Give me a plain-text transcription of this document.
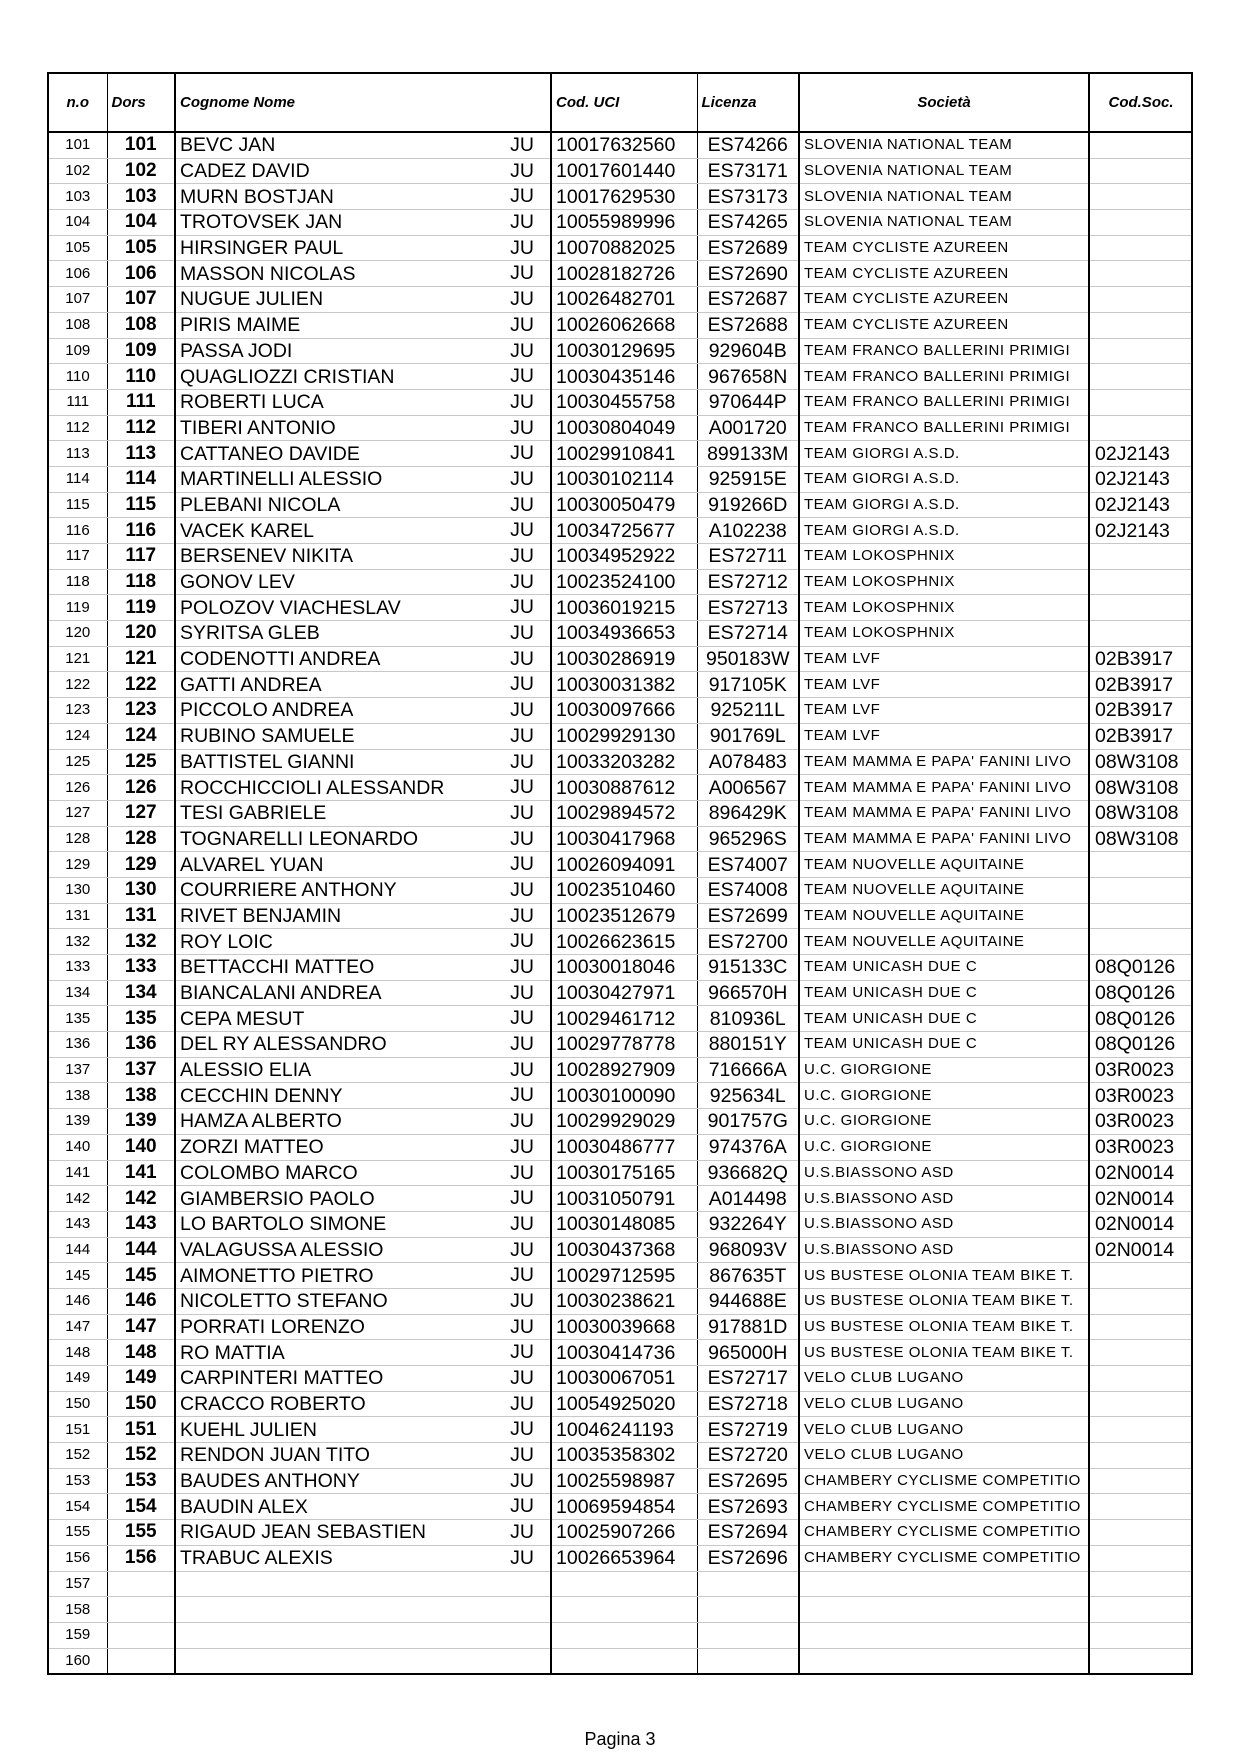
n.o	Dors	Cognome Nome	Cod. UCI	Licenza	Società	Cod.Soc.
101	101	BEVC JAN JU	10017632560	ES74266	SLOVENIA NATIONAL TEAM	
102	102	CADEZ DAVID JU	10017601440	ES73171	SLOVENIA NATIONAL TEAM	
103	103	MURN BOSTJAN JU	10017629530	ES73173	SLOVENIA NATIONAL TEAM	
104	104	TROTOVSEK JAN JU	10055989996	ES74265	SLOVENIA NATIONAL TEAM	
105	105	HIRSINGER PAUL JU	10070882025	ES72689	TEAM CYCLISTE AZUREEN	
106	106	MASSON NICOLAS JU	10028182726	ES72690	TEAM CYCLISTE AZUREEN	
107	107	NUGUE JULIEN JU	10026482701	ES72687	TEAM CYCLISTE AZUREEN	
108	108	PIRIS MAIME JU	10026062668	ES72688	TEAM CYCLISTE AZUREEN	
109	109	PASSA JODI JU	10030129695	929604B	TEAM FRANCO BALLERINI PRIMIGI	
110	110	QUAGLIOZZI CRISTIAN JU	10030435146	967658N	TEAM FRANCO BALLERINI PRIMIGI	
111	111	ROBERTI LUCA JU	10030455758	970644P	TEAM FRANCO BALLERINI PRIMIGI	
112	112	TIBERI ANTONIO JU	10030804049	A001720	TEAM FRANCO BALLERINI PRIMIGI	
113	113	CATTANEO DAVIDE JU	10029910841	899133M	TEAM GIORGI A.S.D.	02J2143
114	114	MARTINELLI ALESSIO JU	10030102114	925915E	TEAM GIORGI A.S.D.	02J2143
115	115	PLEBANI NICOLA JU	10030050479	919266D	TEAM GIORGI A.S.D.	02J2143
116	116	VACEK KAREL JU	10034725677	A102238	TEAM GIORGI A.S.D.	02J2143
117	117	BERSENEV NIKITA JU	10034952922	ES72711	TEAM LOKOSPHNIX	
118	118	GONOV LEV JU	10023524100	ES72712	TEAM LOKOSPHNIX	
119	119	POLOZOV VIACHESLAV JU	10036019215	ES72713	TEAM LOKOSPHNIX	
120	120	SYRITSA GLEB JU	10034936653	ES72714	TEAM LOKOSPHNIX	
121	121	CODENOTTI ANDREA JU	10030286919	950183W	TEAM LVF	02B3917
122	122	GATTI ANDREA JU	10030031382	917105K	TEAM LVF	02B3917
123	123	PICCOLO ANDREA JU	10030097666	925211L	TEAM LVF	02B3917
124	124	RUBINO SAMUELE JU	10029929130	901769L	TEAM LVF	02B3917
125	125	BATTISTEL GIANNI JU	10033203282	A078483	TEAM MAMMA E PAPA' FANINI LIVO	08W3108
126	126	ROCCHICCIOLI ALESSANDR JU	10030887612	A006567	TEAM MAMMA E PAPA' FANINI LIVO	08W3108
127	127	TESI GABRIELE JU	10029894572	896429K	TEAM MAMMA E PAPA' FANINI LIVO	08W3108
128	128	TOGNARELLI LEONARDO JU	10030417968	965296S	TEAM MAMMA E PAPA' FANINI LIVO	08W3108
129	129	ALVAREL YUAN JU	10026094091	ES74007	TEAM NUOVELLE AQUITAINE	
130	130	COURRIERE ANTHONY JU	10023510460	ES74008	TEAM NUOVELLE AQUITAINE	
131	131	RIVET BENJAMIN JU	10023512679	ES72699	TEAM NOUVELLE AQUITAINE	
132	132	ROY LOIC JU	10026623615	ES72700	TEAM NOUVELLE AQUITAINE	
133	133	BETTACCHI MATTEO JU	10030018046	915133C	TEAM UNICASH DUE C	08Q0126
134	134	BIANCALANI ANDREA JU	10030427971	966570H	TEAM UNICASH DUE C	08Q0126
135	135	CEPA MESUT JU	10029461712	810936L	TEAM UNICASH DUE C	08Q0126
136	136	DEL RY ALESSANDRO JU	10029778778	880151Y	TEAM UNICASH DUE C	08Q0126
137	137	ALESSIO ELIA JU	10028927909	716666A	U.C. GIORGIONE	03R0023
138	138	CECCHIN DENNY JU	10030100090	925634L	U.C. GIORGIONE	03R0023
139	139	HAMZA ALBERTO JU	10029929029	901757G	U.C. GIORGIONE	03R0023
140	140	ZORZI MATTEO JU	10030486777	974376A	U.C. GIORGIONE	03R0023
141	141	COLOMBO MARCO JU	10030175165	936682Q	U.S.BIASSONO ASD	02N0014
142	142	GIAMBERSIO PAOLO JU	10031050791	A014498	U.S.BIASSONO ASD	02N0014
143	143	LO BARTOLO SIMONE JU	10030148085	932264Y	U.S.BIASSONO ASD	02N0014
144	144	VALAGUSSA ALESSIO JU	10030437368	968093V	U.S.BIASSONO ASD	02N0014
145	145	AIMONETTO PIETRO JU	10029712595	867635T	US BUSTESE OLONIA TEAM BIKE T.	
146	146	NICOLETTO STEFANO JU	10030238621	944688E	US BUSTESE OLONIA TEAM BIKE T.	
147	147	PORRATI LORENZO JU	10030039668	917881D	US BUSTESE OLONIA TEAM BIKE T.	
148	148	RO MATTIA JU	10030414736	965000H	US BUSTESE OLONIA TEAM BIKE T.	
149	149	CARPINTERI MATTEO JU	10030067051	ES72717	VELO CLUB LUGANO	
150	150	CRACCO ROBERTO JU	10054925020	ES72718	VELO CLUB LUGANO	
151	151	KUEHL JULIEN JU	10046241193	ES72719	VELO CLUB LUGANO	
152	152	RENDON JUAN TITO JU	10035358302	ES72720	VELO CLUB LUGANO	
153	153	BAUDES ANTHONY JU	10025598987	ES72695	CHAMBERY CYCLISME COMPETITIO	
154	154	BAUDIN ALEX JU	10069594854	ES72693	CHAMBERY CYCLISME COMPETITIO	
155	155	RIGAUD JEAN SEBASTIEN JU	10025907266	ES72694	CHAMBERY CYCLISME COMPETITIO	
156	156	TRABUC ALEXIS JU	10026653964	ES72696	CHAMBERY CYCLISME COMPETITIO	
157		

158		

159		

160		

Pagina 3
